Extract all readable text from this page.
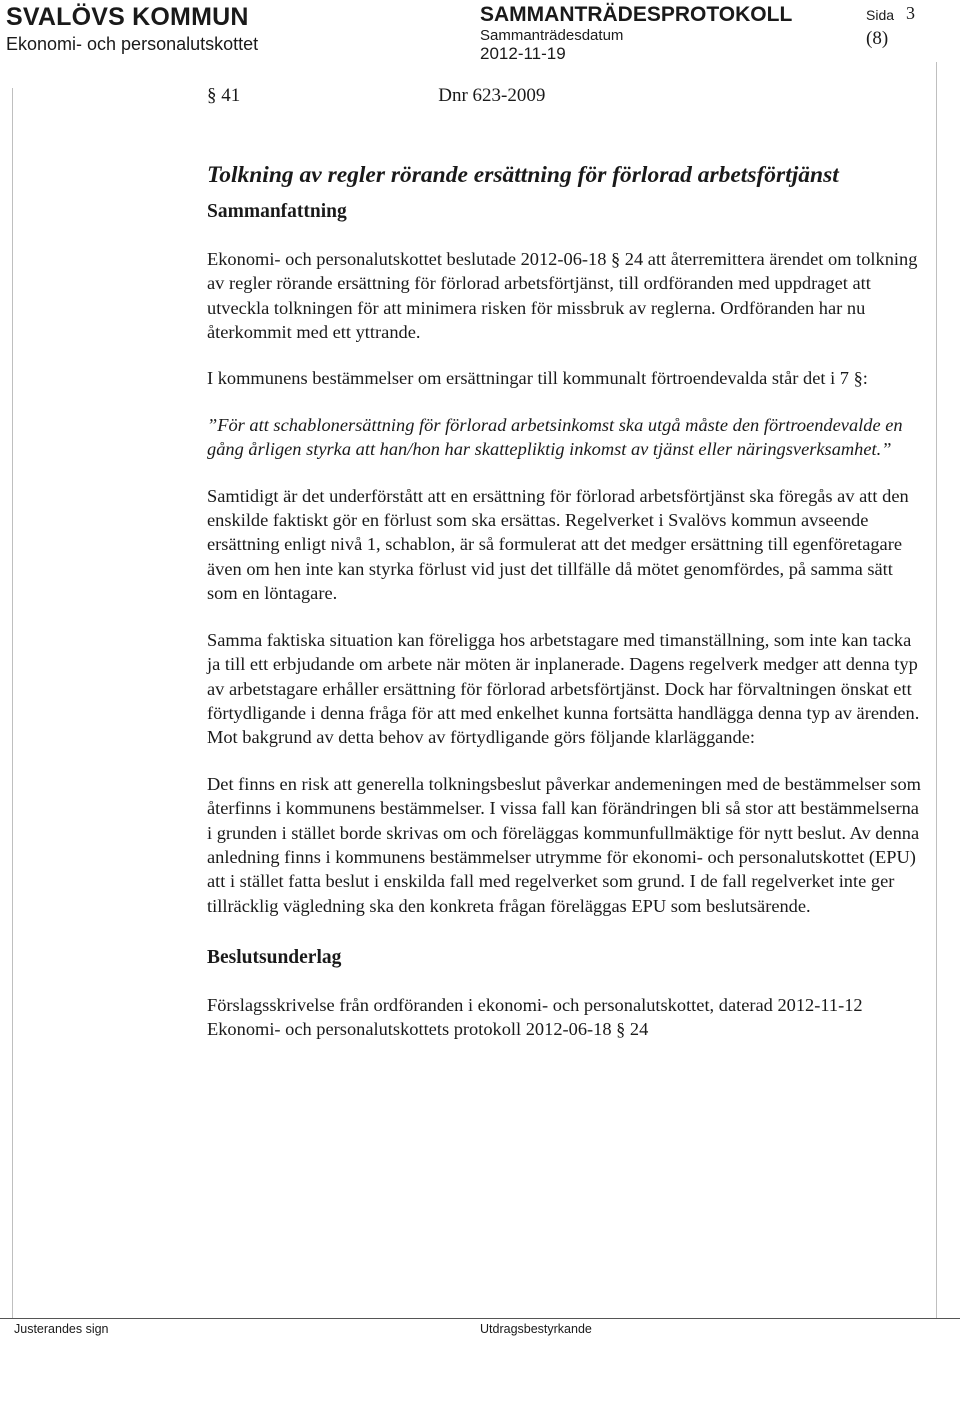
SVALÖVS KOMMUN
Ekonomi- och personalutskottet
SAMMANTRÄDESPROTOKOLL
Sammanträdesdatum
2012-11-19
Sida 3
(8)

§ 41	Dnr 623-2009

Tolkning av regler rörande ersättning för förlorad arbetsförtjänst

Sammanfattning

Ekonomi- och personalutskottet beslutade 2012-06-18 § 24 att återremittera ärendet om tolkning av regler rörande ersättning för förlorad arbetsförtjänst, till ordföranden med uppdraget att utveckla tolkningen för att minimera risken för missbruk av reglerna. Ordföranden har nu återkommit med ett yttrande.

I kommunens bestämmelser om ersättningar till kommunalt förtroendevalda står det i 7 §:

”För att schablonersättning för förlorad arbetsinkomst ska utgå måste den förtroendevalde en gång årligen styrka att han/hon har skattepliktig inkomst av tjänst eller näringsverksamhet.”

Samtidigt är det underförstått att en ersättning för förlorad arbetsförtjänst ska föregås av att den enskilde faktiskt gör en förlust som ska ersättas. Regelverket i Svalövs kommun avseende ersättning enligt nivå 1, schablon, är så formulerat att det medger ersättning till egenföretagare även om hen inte kan styrka förlust vid just det tillfälle då mötet genomfördes, på samma sätt som en löntagare.

Samma faktiska situation kan föreligga hos arbetstagare med timanställning, som inte kan tacka ja till ett erbjudande om arbete när möten är inplanerade. Dagens regelverk medger att denna typ av arbetstagare erhåller ersättning för förlorad arbetsförtjänst. Dock har förvaltningen önskat ett förtydligande i denna fråga för att med enkelhet kunna fortsätta handlägga denna typ av ärenden. Mot bakgrund av detta behov av förtydligande görs följande klarläggande:

Det finns en risk att generella tolkningsbeslut påverkar andemeningen med de bestämmelser som återfinns i kommunens bestämmelser. I vissa fall kan förändringen bli så stor att bestämmelserna i grunden i stället borde skrivas om och föreläggas kommunfullmäktige för nytt beslut. Av denna anledning finns i kommunens bestämmelser utrymme för ekonomi- och personalutskottet (EPU) att i stället fatta beslut i enskilda fall med regelverket som grund. I de fall regelverket inte ger tillräcklig vägledning ska den konkreta frågan föreläggas EPU som beslutsärende.

Beslutsunderlag

Förslagsskrivelse från ordföranden i ekonomi- och personalutskottet, daterad 2012-11-12

Ekonomi- och personalutskottets protokoll 2012-06-18 § 24

Justerandes sign	Utdragsbestyrkande
